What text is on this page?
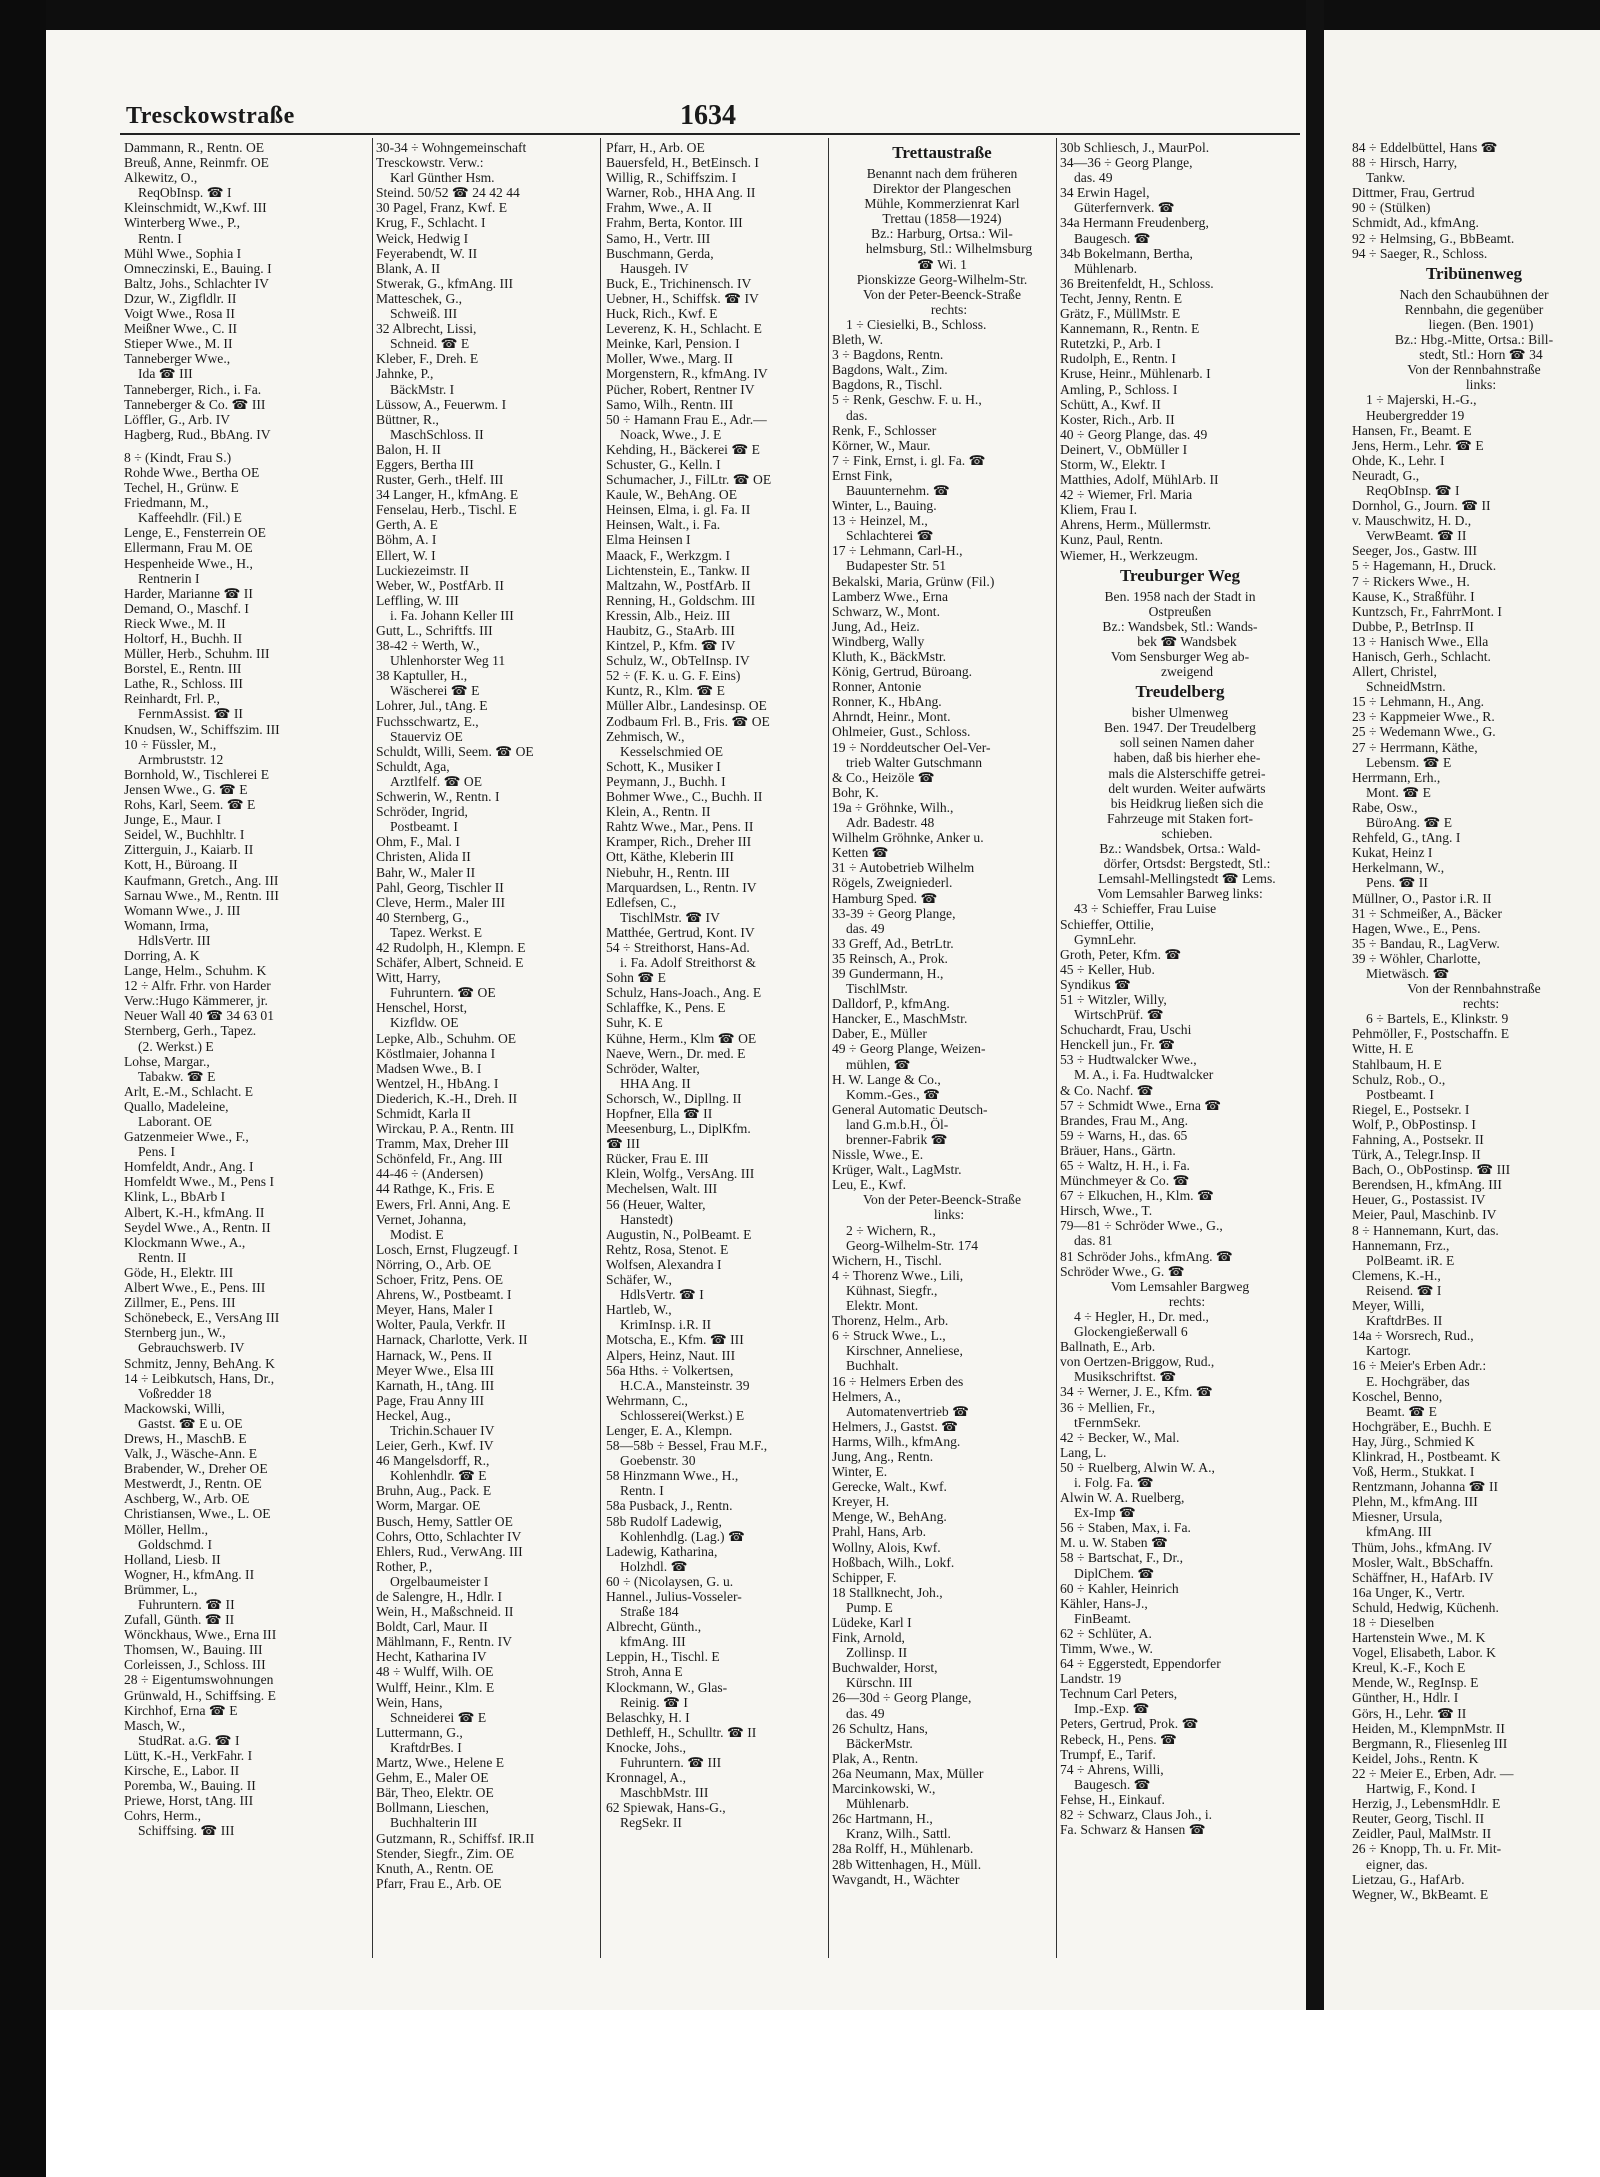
Tresckowstraße	1634
Dammann, R., Rentn. OE
Breuß, Anne, Reinmfr. OE
Alkewitz, O.,
ReqObInsp. ☎ I
Kleinschmidt, W.,Kwf. III
Winterberg Wwe., P.,
Rentn. I
Mühl Wwe., Sophia I
Omneczinski, E., Bauing. I
Baltz, Johs., Schlachter IV
Dzur, W., Zigfldlr. II
Voigt Wwe., Rosa II
Meißner Wwe., C. II
Stieper Wwe., M. II
Tanneberger Wwe.,
Ida ☎ III
Tanneberger, Rich., i. Fa.
Tanneberger & Co. ☎ III
Löffler, G., Arb. IV
Hagberg, Rud., BbAng. IV
8 ÷ (Kindt, Frau S.)
Rohde Wwe., Bertha OE
Techel, H., Grünw. E
Friedmann, M.,
Kaffeehdlr. (Fil.) E
Lenge, E., Fensterrein OE
Ellermann, Frau M. OE
Hespenheide Wwe., H.,
Rentnerin I
Harder, Marianne ☎ II
Demand, O., Maschf. I
Rieck Wwe., M. II
Holtorf, H., Buchh. II
Müller, Herb., Schuhm. III
Borstel, E., Rentn. III
Lathe, R., Schloss. III
Reinhardt, Frl. P.,
FernmAssist. ☎ II
Knudsen, W., Schiffszim. III
10 ÷ Füssler, M.,
Armbruststr. 12
Bornhold, W., Tischlerei E
Jensen Wwe., G. ☎ E
Rohs, Karl, Seem. ☎ E
Junge, E., Maur. I
Seidel, W., Buchhltr. I
Zitterguin, J., Kaiarb. II
Kott, H., Büroang. II
Kaufmann, Gretch., Ang. III
Sarnau Wwe., M., Rentn. III
Womann Wwe., J. III
Womann, Irma,
HdlsVertr. III
Dorring, A. K
Lange, Helm., Schuhm. K
12 ÷ Alfr. Frhr. von Harder
Verw.:Hugo Kämmerer, jr.
Neuer Wall 40 ☎ 34 63 01
Sternberg, Gerh., Tapez.
(2. Werkst.) E
Lohse, Margar.,
Tabakw. ☎ E
Arlt, E.-M., Schlacht. E
Quallo, Madeleine,
Laborant. OE
Gatzenmeier Wwe., F.,
Pens. I
Homfeldt, Andr., Ang. I
Homfeldt Wwe., M., Pens I
Klink, L., BbArb I
Albert, K.-H., kfmAng. II
Seydel Wwe., A., Rentn. II
Klockmann Wwe., A.,
Rentn. II
Göde, H., Elektr. III
Albert Wwe., E., Pens. III
Zillmer, E., Pens. III
Schönebeck, E., VersAng III
Sternberg jun., W.,
Gebrauchswerb. IV
Schmitz, Jenny, BehAng. K
14 ÷ Leibkutsch, Hans, Dr.,
Voßredder 18
Mackowski, Willi,
Gastst. ☎ E u. OE
Drews, H., MaschB. E
Valk, J., Wäsche-Ann. E
Brabender, W., Dreher OE
Mestwerdt, J., Rentn. OE
Aschberg, W., Arb. OE
Christiansen, Wwe., L. OE
Möller, Hellm.,
Goldschmd. I
Holland, Liesb. II
Wogner, H., kfmAng. II
Brümmer, L.,
Fuhruntern. ☎ II
Zufall, Günth. ☎ II
Wönckhaus, Wwe., Erna III
Thomsen, W., Bauing. III
Corleissen, J., Schloss. III
28 ÷ Eigentumswohnungen
Grünwald, H., Schiffsing. E
Kirchhof, Erna ☎ E
Masch, W.,
StudRat. a.G. ☎ I
Lütt, K.-H., VerkFahr. I
Kirsche, E., Labor. II
Poremba, W., Bauing. II
Priewe, Horst, tAng. III
Cohrs, Herm.,
Schiffsing. ☎ III
30-34 ÷ Wohngemeinschaft
Tresckowstr. Verw.:
Karl Günther Hsm.
Steind. 50/52 ☎ 24 42 44
30 Pagel, Franz, Kwf. E
Krug, F., Schlacht. I
Weick, Hedwig I
Feyerabendt, W. II
Blank, A. II
Stwerak, G., kfmAng. III
Matteschek, G.,
Schweiß. III
32 Albrecht, Lissi,
Schneid. ☎ E
Kleber, F., Dreh. E
Jahnke, P.,
BäckMstr. I
Lüssow, A., Feuerwm. I
Büttner, R.,
MaschSchloss. II
Balon, H. II
Eggers, Bertha III
Ruster, Gerh., tHelf. III
34 Langer, H., kfmAng. E
Fenselau, Herb., Tischl. E
Gerth, A. E
Böhm, A. I
Ellert, W. I
Luckiezeimstr. II
Weber, W., PostfArb. II
Leffling, W. III
i. Fa. Johann Keller III
Gutt, L., Schriftfs. III
38-42 ÷ Werth, W.,
Uhlenhorster Weg 11
38 Kaptuller, H.,
Wäscherei ☎ E
Lohrer, Jul., tAng. E
Fuchsschwartz, E.,
Stauerviz OE
Schuldt, Willi, Seem. ☎ OE
Schuldt, Aga,
Arztlfelf. ☎ OE
Schwerin, W., Rentn. I
Schröder, Ingrid,
Postbeamt. I
Ohm, F., Mal. I
Christen, Alida II
Bahr, W., Maler II
Pahl, Georg, Tischler II
Cleve, Herm., Maler III
40 Sternberg, G.,
Tapez. Werkst. E
42 Rudolph, H., Klempn. E
Schäfer, Albert, Schneid. E
Witt, Harry,
Fuhruntern. ☎ OE
Henschel, Horst,
Kizfldw. OE
Lepke, Alb., Schuhm. OE
Köstlmaier, Johanna I
Madsen Wwe., B. I
Wentzel, H., HbAng. I
Diederich, K.-H., Dreh. II
Schmidt, Karla II
Wirckau, P. A., Rentn. III
Tramm, Max, Dreher III
Schönfeld, Fr., Ang. III
44-46 ÷ (Andersen)
44 Rathge, K., Fris. E
Ewers, Frl. Anni, Ang. E
Vernet, Johanna,
Modist. E
Losch, Ernst, Flugzeugf. I
Nörring, O., Arb. OE
Schoer, Fritz, Pens. OE
Ahrens, W., Postbeamt. I
Meyer, Hans, Maler I
Wolter, Paula, Verkfr. II
Harnack, Charlotte, Verk. II
Harnack, W., Pens. II
Meyer Wwe., Elsa III
Karnath, H., tAng. III
Page, Frau Anny III
Heckel, Aug.,
Trichin.Schauer IV
Leier, Gerh., Kwf. IV
46 Mangelsdorff, R.,
Kohlenhdlr. ☎ E
Bruhn, Aug., Pack. E
Worm, Margar. OE
Busch, Hemy, Sattler OE
Cohrs, Otto, Schlachter IV
Ehlers, Rud., VerwAng. III
Rother, P.,
Orgelbaumeister I
de Salengre, H., Hdlr. I
Wein, H., Maßschneid. II
Boldt, Carl, Maur. II
Mählmann, F., Rentn. IV
Hecht, Katharina IV
48 ÷ Wulff, Wilh. OE
Wulff, Heinr., Klm. E
Wein, Hans,
Schneiderei ☎ E
Luttermann, G.,
KraftdrBes. I
Martz, Wwe., Helene E
Gehm, E., Maler OE
Bär, Theo, Elektr. OE
Bollmann, Lieschen,
Buchhalterin III
Gutzmann, R., Schiffsf. IR.II
Stender, Siegfr., Zim. OE
Knuth, A., Rentn. OE
Pfarr, Frau E., Arb. OE
Pfarr, H., Arb. OE
Bauersfeld, H., BetEinsch. I
Willig, R., Schiffszim. I
Warner, Rob., HHA Ang. II
Frahm, Wwe., A. II
Frahm, Berta, Kontor. III
Samo, H., Vertr. III
Buschmann, Gerda,
Hausgeh. IV
Buck, E., Trichinensch. IV
Uebner, H., Schiffsk. ☎ IV
Huck, Rich., Kwf. E
Leverenz, K. H., Schlacht. E
Meinke, Karl, Pension. I
Moller, Wwe., Marg. II
Morgenstern, R., kfmAng. IV
Pücher, Robert, Rentner IV
Samo, Wilh., Rentn. III
50 ÷ Hamann Frau E., Adr.—
Noack, Wwe., J. E
Kehding, H., Bäckerei ☎ E
Schuster, G., Kelln. I
Schumacher, J., FilLtr. ☎ OE
Kaule, W., BehAng. OE
Heinsen, Elma, i. gl. Fa. II
Heinsen, Walt., i. Fa.
Elma Heinsen I
Maack, F., Werkzgm. I
Lichtenstein, E., Tankw. II
Maltzahn, W., PostfArb. II
Renning, H., Goldschm. III
Kressin, Alb., Heiz. III
Haubitz, G., StaArb. III
Kintzel, P., Kfm. ☎ IV
Schulz, W., ObTelInsp. IV
52 ÷ (F. K. u. G. F. Eins)
Kuntz, R., Klm. ☎ E
Müller Albr., Landesinsp. OE
Zodbaum Frl. B., Fris. ☎ OE
Zehmisch, W.,
Kesselschmied OE
Schott, K., Musiker I
Peymann, J., Buchh. I
Bohmer Wwe., C., Buchh. II
Klein, A., Rentn. II
Rahtz Wwe., Mar., Pens. II
Kramper, Rich., Dreher III
Ott, Käthe, Kleberin III
Niebuhr, H., Rentn. III
Marquardsen, L., Rentn. IV
Edlefsen, C.,
TischlMstr. ☎ IV
Matthée, Gertrud, Kont. IV
54 ÷ Streithorst, Hans-Ad.
i. Fa. Adolf Streithorst &
Sohn ☎ E
Schulz, Hans-Joach., Ang. E
Schlaffke, K., Pens. E
Suhr, K. E
Kühne, Herm., Klm ☎ OE
Naeve, Wern., Dr. med. E
Schröder, Walter,
HHA Ang. II
Schorsch, W., Dipllng. II
Hopfner, Ella ☎ II
Meesenburg, L., DiplKfm.
☎ III
Rücker, Frau E. III
Klein, Wolfg., VersAng. III
Mechelsen, Walt. III
56 (Heuer, Walter,
Hanstedt)
Augustin, N., PolBeamt. E
Rehtz, Rosa, Stenot. E
Wolfsen, Alexandra I
Schäfer, W.,
HdlsVertr. ☎ I
Hartleb, W.,
KrimInsp. i.R. II
Motscha, E., Kfm. ☎ III
Alpers, Heinz, Naut. III
56a Hths. ÷ Volkertsen,
H.C.A., Mansteinstr. 39
Wehrmann, C.,
Schlosserei(Werkst.) E
Lenger, E. A., Klempn.
58—58b ÷ Bessel, Frau M.F.,
Goebenstr. 30
58 Hinzmann Wwe., H.,
Rentn. I
58a Pusback, J., Rentn.
58b Rudolf Ladewig,
Kohlenhdlg. (Lag.) ☎
Ladewig, Katharina,
Holzhdl. ☎
60 ÷ (Nicolaysen, G. u.
Hannel., Julius-Vosseler-
Straße 184
Albrecht, Günth.,
kfmAng. III
Leppin, H., Tischl. E
Stroh, Anna E
Klockmann, W., Glas-
Reinig. ☎ I
Belaschky, H. I
Dethleff, H., Schulltr. ☎ II
Knocke, Johs.,
Fuhruntern. ☎ III
Kronnagel, A.,
MaschbMstr. III
62 Spiewak, Hans-G.,
RegSekr. II
Trettaustraße
Benannt nach dem früheren
Direktor der Plangeschen
Mühle, Kommerzienrat Karl
Trettau (1858—1924)
Bz.: Harburg, Ortsa.: Wil-
helmsburg, Stl.: Wilhelmsburg
☎ Wi. 1
Pionskizze Georg-Wilhelm-Str.
Von der Peter-Beenck-Straße
rechts:
1 ÷ Ciesielki, B., Schloss.
Bleth, W.
3 ÷ Bagdons, Rentn.
Bagdons, Walt., Zim.
Bagdons, R., Tischl.
5 ÷ Renk, Geschw. F. u. H.,
das.
Renk, F., Schlosser
Körner, W., Maur.
7 ÷ Fink, Ernst, i. gl. Fa. ☎
Ernst Fink,
Bauunternehm. ☎
Winter, L., Bauing.
13 ÷ Heinzel, M.,
Schlachterei ☎
17 ÷ Lehmann, Carl-H.,
Budapester Str. 51
Bekalski, Maria, Grünw (Fil.)
Lamberz Wwe., Erna
Schwarz, W., Mont.
Jung, Ad., Heiz.
Windberg, Wally
Kluth, K., BäckMstr.
König, Gertrud, Büroang.
Ronner, Antonie
Ronner, K., HbAng.
Ahrndt, Heinr., Mont.
Ohlmeier, Gust., Schloss.
19 ÷ Norddeutscher Oel-Ver-
trieb Walter Gutschmann
& Co., Heizöle ☎
Bohr, K.
19a ÷ Gröhnke, Wilh.,
Adr. Badestr. 48
Wilhelm Gröhnke, Anker u.
Ketten ☎
31 ÷ Autobetrieb Wilhelm
Rögels, Zweigniederl.
Hamburg Sped. ☎
33-39 ÷ Georg Plange,
das. 49
33 Greff, Ad., BetrLtr.
35 Reinsch, A., Prok.
39 Gundermann, H.,
TischlMstr.
Dalldorf, P., kfmAng.
Hancker, E., MaschMstr.
Daber, E., Müller
49 ÷ Georg Plange, Weizen-
mühlen, ☎
H. W. Lange & Co.,
Komm.-Ges., ☎
General Automatic Deutsch-
land G.m.b.H., Öl-
brenner-Fabrik ☎
Nissle, Wwe., E.
Krüger, Walt., LagMstr.
Leu, E., Kwf.
Von der Peter-Beenck-Straße
links:
2 ÷ Wichern, R.,
Georg-Wilhelm-Str. 174
Wichern, H., Tischl.
4 ÷ Thorenz Wwe., Lili,
Kühnast, Siegfr.,
Elektr. Mont.
Thorenz, Helm., Arb.
6 ÷ Struck Wwe., L.,
Kirschner, Anneliese,
Buchhalt.
16 ÷ Helmers Erben des
Helmers, A.,
Automatenvertrieb ☎
Helmers, J., Gastst. ☎
Harms, Wilh., kfmAng.
Jung, Ang., Rentn.
Winter, E.
Gerecke, Walt., Kwf.
Kreyer, H.
Menge, W., BehAng.
Prahl, Hans, Arb.
Wollny, Alois, Kwf.
Hoßbach, Wilh., Lokf.
Schipper, F.
18 Stallknecht, Joh.,
Pump. E
Lüdeke, Karl I
Fink, Arnold,
Zollinsp. II
Buchwalder, Horst,
Kürschn. III
26—30d ÷ Georg Plange,
das. 49
26 Schultz, Hans,
BäckerMstr.
Plak, A., Rentn.
26a Neumann, Max, Müller
Marcinkowski, W.,
Mühlenarb.
26c Hartmann, H.,
Kranz, Wilh., Sattl.
28a Rolff, H., Mühlenarb.
28b Wittenhagen, H., Müll.
Wavgandt, H., Wächter
30b Schliesch, J., MaurPol.
34—36 ÷ Georg Plange,
das. 49
34 Erwin Hagel,
Güterfernverk. ☎
34a Hermann Freudenberg,
Baugesch. ☎
34b Bokelmann, Bertha,
Mühlenarb.
36 Breitenfeldt, H., Schloss.
Techt, Jenny, Rentn. E
Grätz, F., MüllMstr. E
Kannemann, R., Rentn. E
Rutetzki, P., Arb. I
Rudolph, E., Rentn. I
Kruse, Heinr., Mühlenarb. I
Amling, P., Schloss. I
Schütt, A., Kwf. II
Koster, Rich., Arb. II
40 ÷ Georg Plange, das. 49
Deinert, V., ObMüller I
Storm, W., Elektr. I
Matthies, Adolf, MühlArb. II
42 ÷ Wiemer, Frl. Maria
Kliem, Frau I.
Ahrens, Herm., Müllermstr.
Kunz, Paul, Rentn.
Wiemer, H., Werkzeugm.
Treuburger Weg
Ben. 1958 nach der Stadt in
Ostpreußen
Bz.: Wandsbek, Stl.: Wands-
bek ☎ Wandsbek
Vom Sensburger Weg ab-
zweigend
Treudelberg
bisher Ulmenweg
Ben. 1947. Der Treudelberg
soll seinen Namen daher
haben, daß bis hierher ehe-
mals die Alsterschiffe getrei-
delt wurden. Weiter aufwärts
bis Heidkrug ließen sich die
Fahrzeuge mit Staken fort-
schieben.
Bz.: Wandsbek, Ortsa.: Wald-
dörfer, Ortsdst: Bergstedt, Stl.:
Lemsahl-Mellingstedt ☎ Lems.
Vom Lemsahler Barweg links:
43 ÷ Schieffer, Frau Luise
Schieffer, Ottilie,
GymnLehr.
Groth, Peter, Kfm. ☎
45 ÷ Keller, Hub.
Syndikus ☎
51 ÷ Witzler, Willy,
WirtschPrüf. ☎
Schuchardt, Frau, Uschi
Henckell jun., Fr. ☎
53 ÷ Hudtwalcker Wwe.,
M. A., i. Fa. Hudtwalcker
& Co. Nachf. ☎
57 ÷ Schmidt Wwe., Erna ☎
Brandes, Frau M., Ang.
59 ÷ Warns, H., das. 65
Bräuer, Hans., Gärtn.
65 ÷ Waltz, H. H., i. Fa.
Münchmeyer & Co. ☎
67 ÷ Elkuchen, H., Klm. ☎
Hirsch, Wwe., T.
79—81 ÷ Schröder Wwe., G.,
das. 81
81 Schröder Johs., kfmAng. ☎
Schröder Wwe., G. ☎
Vom Lemsahler Bargweg
rechts:
4 ÷ Hegler, H., Dr. med.,
Glockengießerwall 6
Ballnath, E., Arb.
von Oertzen-Briggow, Rud.,
Musikschriftst. ☎
34 ÷ Werner, J. E., Kfm. ☎
36 ÷ Mellien, Fr.,
tFernmSekr.
42 ÷ Becker, W., Mal.
Lang, L.
50 ÷ Ruelberg, Alwin W. A.,
i. Folg. Fa. ☎
Alwin W. A. Ruelberg,
Ex-Imp ☎
56 ÷ Staben, Max, i. Fa.
M. u. W. Staben ☎
58 ÷ Bartschat, F., Dr.,
DiplChem. ☎
60 ÷ Kahler, Heinrich
Kähler, Hans-J.,
FinBeamt.
62 ÷ Schlüter, A.
Timm, Wwe., W.
64 ÷ Eggerstedt, Eppendorfer
Landstr. 19
Technum Carl Peters,
Imp.-Exp. ☎
Peters, Gertrud, Prok. ☎
Rebeck, H., Pens. ☎
Trumpf, E., Tarif.
74 ÷ Ahrens, Willi,
Baugesch. ☎
Fehse, H., Einkauf.
82 ÷ Schwarz, Claus Joh., i.
Fa. Schwarz & Hansen ☎
84 ÷ Eddelbüttel, Hans ☎
88 ÷ Hirsch, Harry,
Tankw.
Dittmer, Frau, Gertrud
90 ÷ (Stülken)
Schmidt, Ad., kfmAng.
92 ÷ Helmsing, G., BbBeamt.
94 ÷ Saeger, R., Schloss.
Tribünenweg
Nach den Schaubühnen der
Rennbahn, die gegenüber
liegen. (Ben. 1901)
Bz.: Hbg.-Mitte, Ortsa.: Bill-
stedt, Stl.: Horn ☎ 34
Von der Rennbahnstraße
links:
1 ÷ Majerski, H.-G.,
Heubergredder 19
Hansen, Fr., Beamt. E
Jens, Herm., Lehr. ☎ E
Ohde, K., Lehr. I
Neuradt, G.,
ReqObInsp. ☎ I
Dornhol, G., Journ. ☎ II
v. Mauschwitz, H. D.,
VerwBeamt. ☎ II
Seeger, Jos., Gastw. III
5 ÷ Hagemann, H., Druck.
7 ÷ Rickers Wwe., H.
Kause, K., Straßführ. I
Kuntzsch, Fr., FahrrMont. I
Dubbe, P., BetrInsp. II
13 ÷ Hanisch Wwe., Ella
Hanisch, Gerh., Schlacht.
Allert, Christel,
SchneidMstrn.
15 ÷ Lehmann, H., Ang.
23 ÷ Kappmeier Wwe., R.
25 ÷ Wedemann Wwe., G.
27 ÷ Herrmann, Käthe,
Lebensm. ☎ E
Herrmann, Erh.,
Mont. ☎ E
Rabe, Osw.,
BüroAng. ☎ E
Rehfeld, G., tAng. I
Kukat, Heinz I
Herkelmann, W.,
Pens. ☎ II
Müllner, O., Pastor i.R. II
31 ÷ Schmeißer, A., Bäcker
Hagen, Wwe., E., Pens.
35 ÷ Bandau, R., LagVerw.
39 ÷ Wöhler, Charlotte,
Mietwäsch. ☎
Von der Rennbahnstraße
rechts:
6 ÷ Bartels, E., Klinkstr. 9
Pehmöller, F., Postschaffn. E
Witte, H. E
Stahlbaum, H. E
Schulz, Rob., O.,
Postbeamt. I
Riegel, E., Postsekr. I
Wolf, P., ObPostinsp. I
Fahning, A., Postsekr. II
Türk, A., Telegr.Insp. II
Bach, O., ObPostinsp. ☎ III
Berendsen, H., kfmAng. III
Heuer, G., Postassist. IV
Meier, Paul, Maschinb. IV
8 ÷ Hannemann, Kurt, das.
Hannemann, Frz.,
PolBeamt. iR. E
Clemens, K.-H.,
Reisend. ☎ I
Meyer, Willi,
KraftdrBes. II
14a ÷ Worsrech, Rud.,
Kartogr.
16 ÷ Meier's Erben Adr.:
E. Hochgräber, das
Koschel, Benno,
Beamt. ☎ E
Hochgräber, E., Buchh. E
Hay, Jürg., Schmied K
Klinkrad, H., Postbeamt. K
Voß, Herm., Stukkat. I
Rentzmann, Johanna ☎ II
Plehn, M., kfmAng. III
Miesner, Ursula,
kfmAng. III
Thüm, Johs., kfmAng. IV
Mosler, Walt., BbSchaffn.
Schäffner, H., HafArb. IV
16a Unger, K., Vertr.
Schuld, Hedwig, Küchenh.
18 ÷ Dieselben
Hartenstein Wwe., M. K
Vogel, Elisabeth, Labor. K
Kreul, K.-F., Koch E
Mende, W., RegInsp. E
Günther, H., Hdlr. I
Görs, H., Lehr. ☎ II
Heiden, M., KlempnMstr. II
Bergmann, R., Fliesenleg III
Keidel, Johs., Rentn. K
22 ÷ Meier E., Erben, Adr. —
Hartwig, F., Kond. I
Herzig, J., LebensmHdlr. E
Reuter, Georg, Tischl. II
Zeidler, Paul, MalMstr. II
26 ÷ Knopp, Th. u. Fr. Mit-
eigner, das.
Lietzau, G., HafArb.
Wegner, W., BkBeamt. E
